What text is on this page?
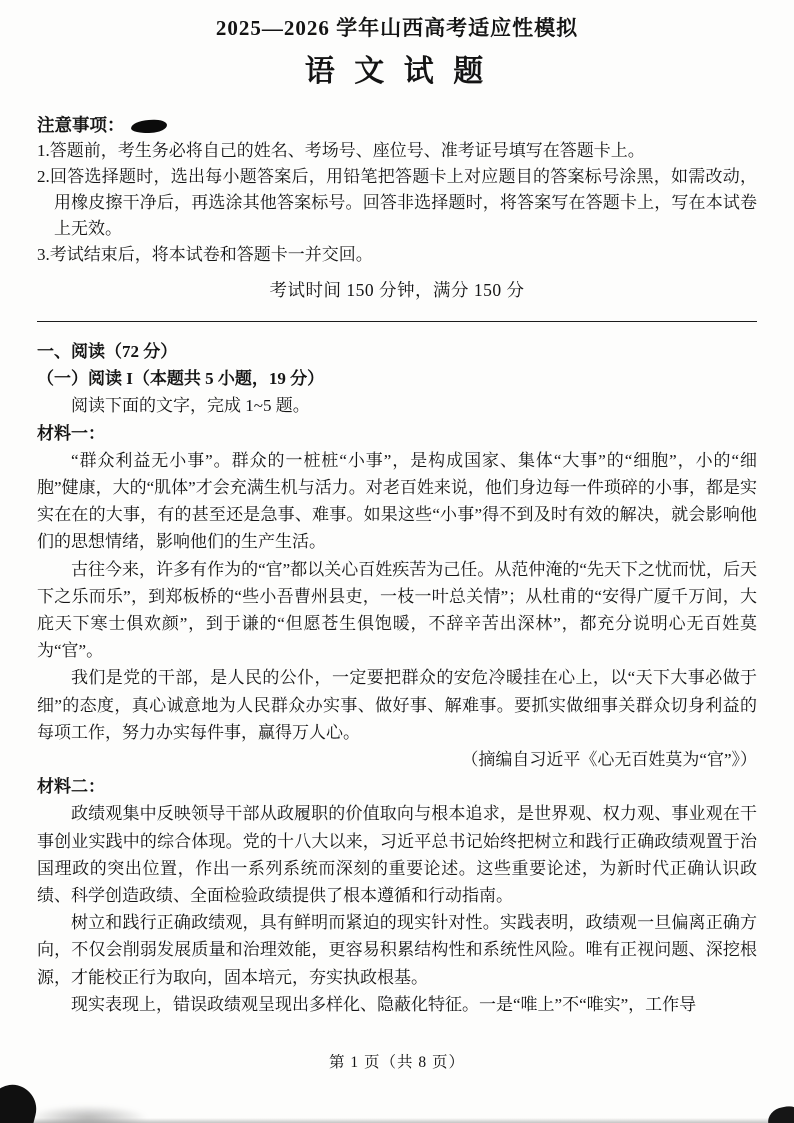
2025—2026 学年山西高考适应性模拟
语 文 试 题
注意事项：

1.答题前，考生务必将自己的姓名、考场号、座位号、准考证号填写在答题卡上。

2.回答选择题时，选出每小题答案后，用铅笔把答题卡上对应题目的答案标号涂黑，如需改动，用橡皮擦干净后，再选涂其他答案标号。回答非选择题时，将答案写在答题卡上，写在本试卷上无效。

3.考试结束后，将本试卷和答题卡一并交回。

考试时间 150 分钟，满分 150 分

一、阅读（72 分）

（一）阅读 I（本题共 5 小题，19 分）

阅读下面的文字，完成 1~5 题。

材料一：

“群众利益无小事”。群众的一桩桩“小事”，是构成国家、集体“大事”的“细胞”，小的“细胞”健康，大的“肌体”才会充满生机与活力。对老百姓来说，他们身边每一件琐碎的小事，都是实实在在的大事，有的甚至还是急事、难事。如果这些“小事”得不到及时有效的解决，就会影响他们的思想情绪，影响他们的生产生活。

古往今来，许多有作为的“官”都以关心百姓疾苦为己任。从范仲淹的“先天下之忧而忧，后天下之乐而乐”，到郑板桥的“些小吾曹州县吏，一枝一叶总关情”；从杜甫的“安得广厦千万间，大庇天下寒士俱欢颜”，到于谦的“但愿苍生俱饱暖，不辞辛苦出深林”，都充分说明心无百姓莫为“官”。

我们是党的干部，是人民的公仆，一定要把群众的安危冷暖挂在心上，以“天下大事必做于细”的态度，真心诚意地为人民群众办实事、做好事、解难事。要抓实做细事关群众切身利益的每项工作，努力办实每件事，赢得万人心。

（摘编自习近平《心无百姓莫为“官”》）

材料二：

政绩观集中反映领导干部从政履职的价值取向与根本追求，是世界观、权力观、事业观在干事创业实践中的综合体现。党的十八大以来，习近平总书记始终把树立和践行正确政绩观置于治国理政的突出位置，作出一系列系统而深刻的重要论述。这些重要论述，为新时代正确认识政绩、科学创造政绩、全面检验政绩提供了根本遵循和行动指南。

树立和践行正确政绩观，具有鲜明而紧迫的现实针对性。实践表明，政绩观一旦偏离正确方向，不仅会削弱发展质量和治理效能，更容易积累结构性和系统性风险。唯有正视问题、深挖根源，才能校正行为取向，固本培元，夯实执政根基。

现实表现上，错误政绩观呈现出多样化、隐蔽化特征。一是“唯上”不“唯实”，工作导

第 1 页（共 8 页）
